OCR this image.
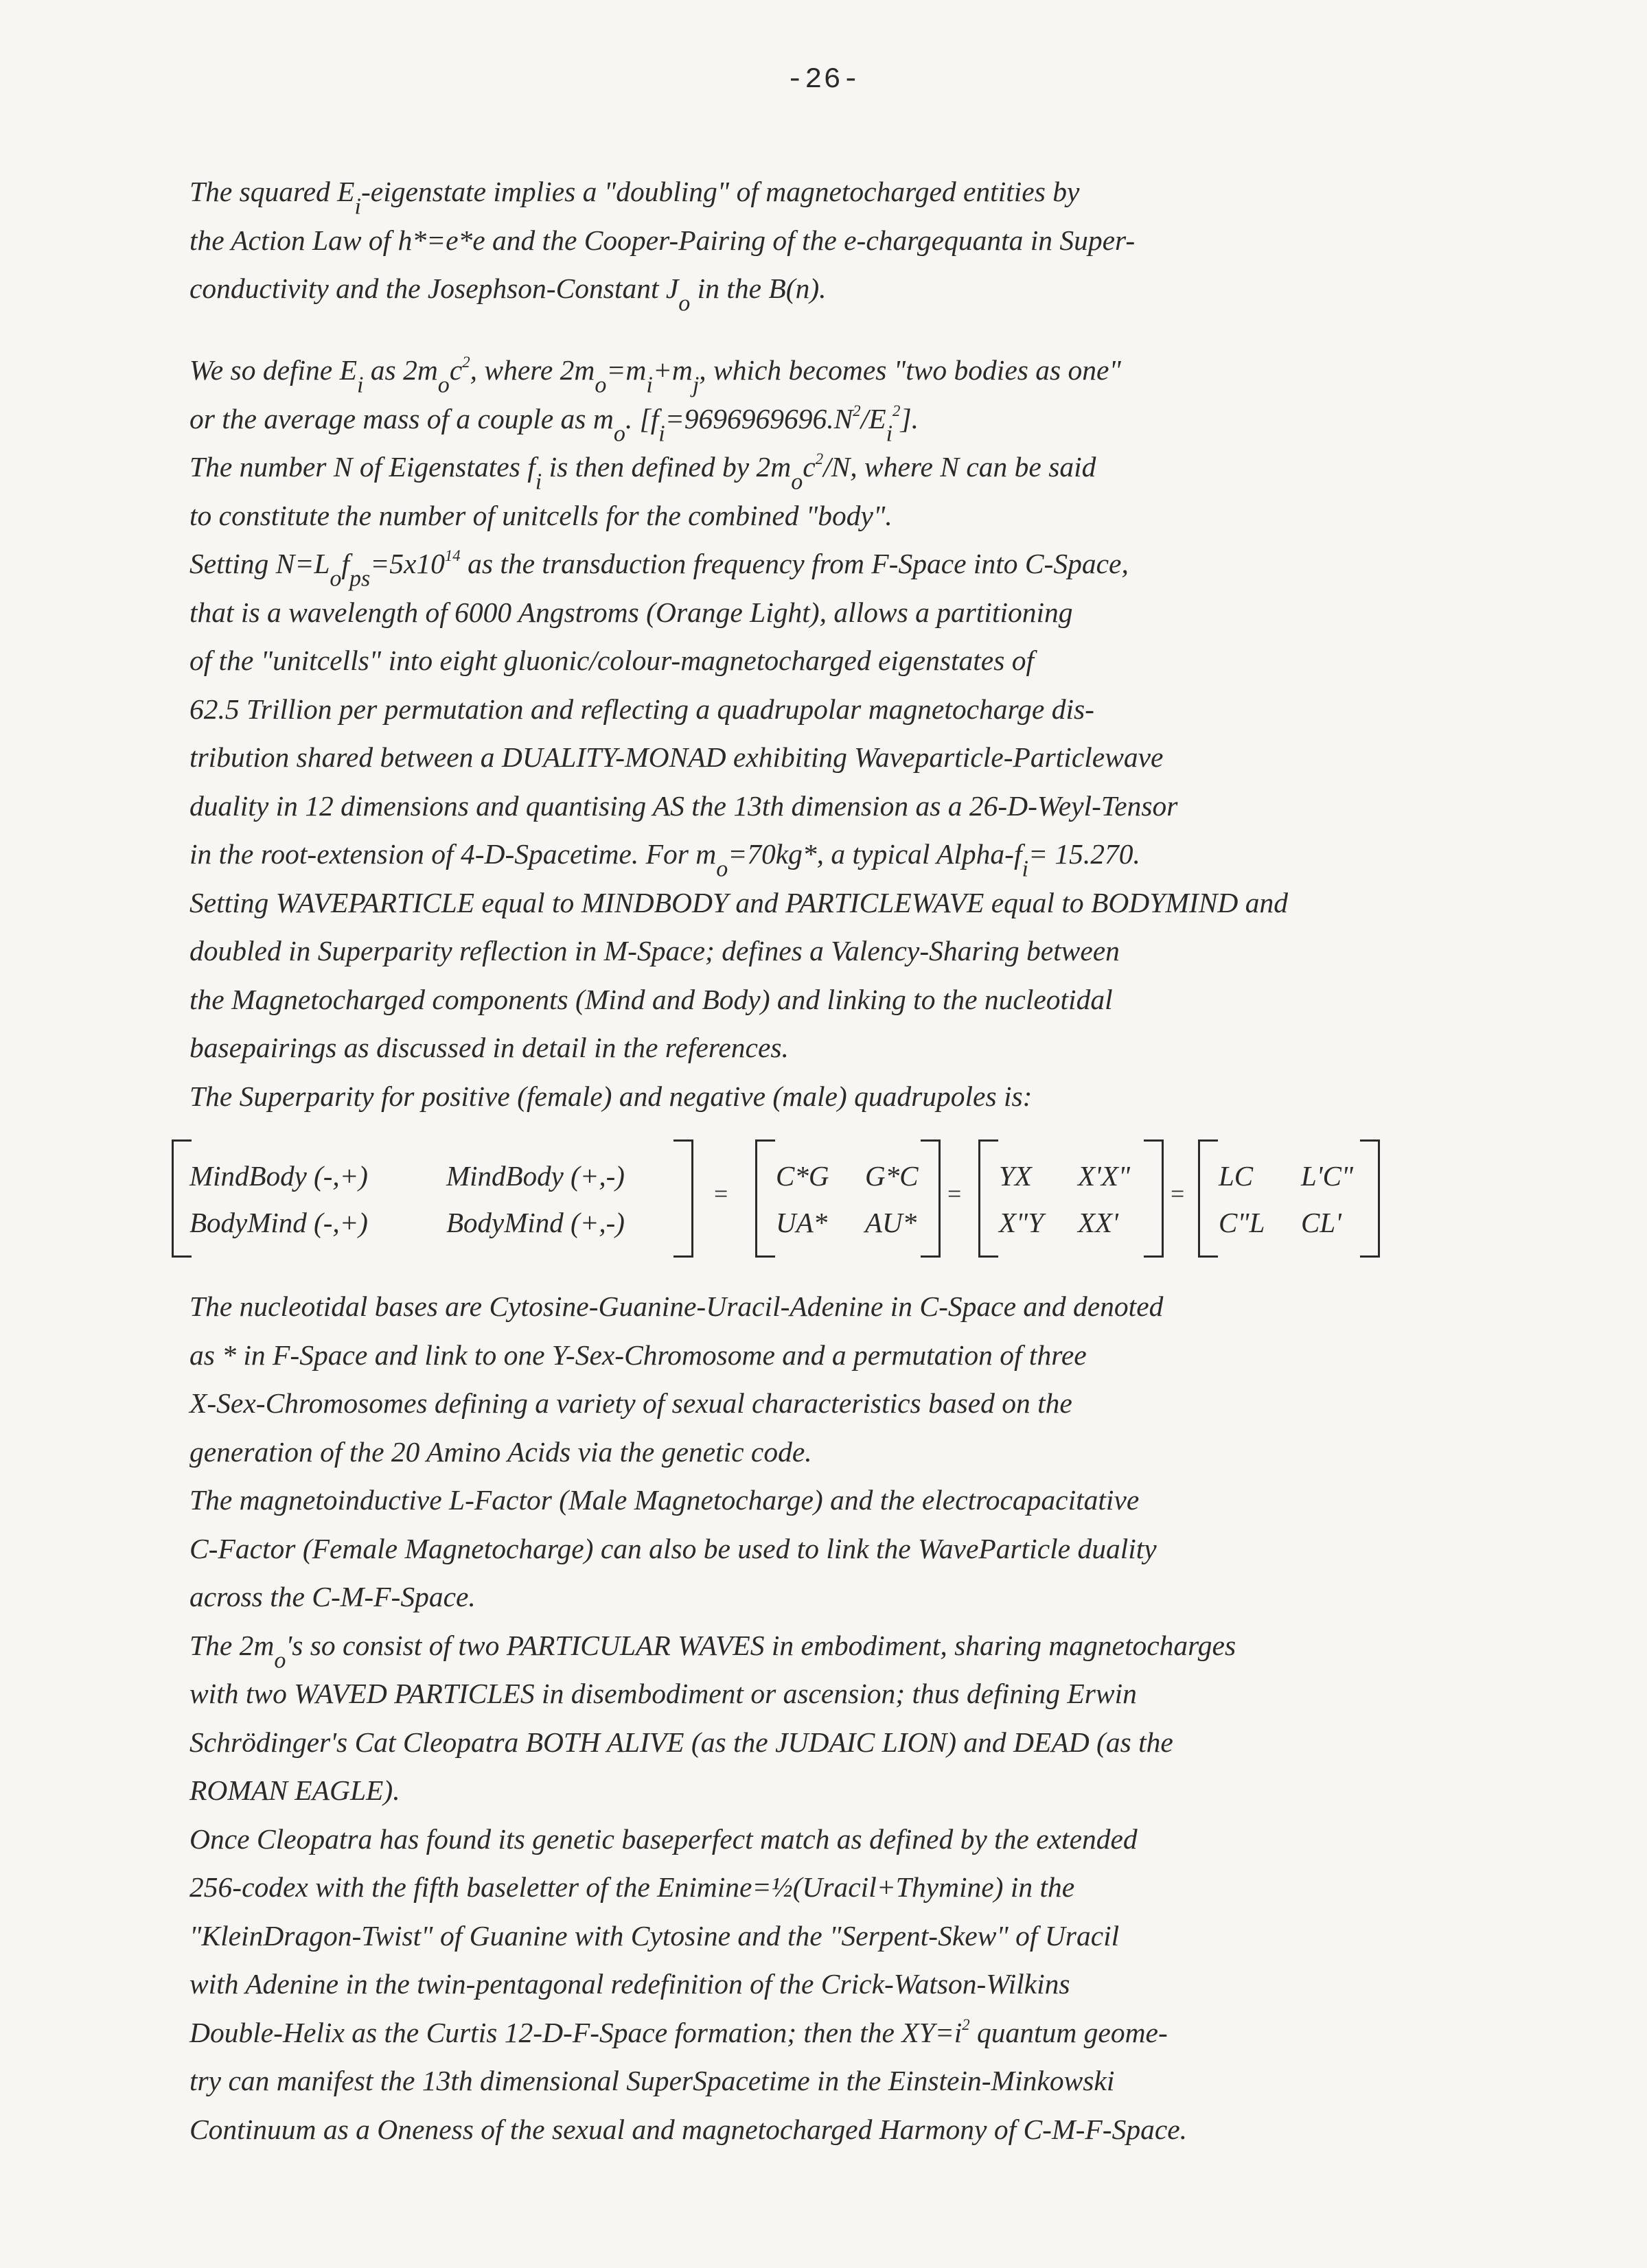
-26-
The squared $E_i$-eigenstate implies a "doubling" of magnetocharged entities by
the Action Law of h*=e*e and the Cooper-Pairing of the e-chargequanta in Super-
conductivity and the Josephson-Constant $J_o$ in the B(n).
We so define $E_i$ as $2m_oc^2$, where $2m_o=m_i+m_j$, which becomes "two bodies as one"
or the average mass of a couple as $m_o$. $[f_i=9696969696.N^2/E_i^2]$.
The number N of Eigenstates $f_i$ is then defined by $2m_oc^2/N$, where N can be said
to constitute the number of unitcells for the combined "body".
Setting $N=L_of_{ps}=5x10^{14}$ as the transduction frequency from F-Space into C-Space,
that is a wavelength of 6000 Angstroms (Orange Light), allows a partitioning
of the "unitcells" into eight gluonic/colour-magnetocharged eigenstates of
62.5 Trillion per permutation and reflecting a quadrupolar magnetocharge dis-
tribution shared between a DUALITY-MONAD exhibiting Waveparticle-Particlewave
duality in 12 dimensions and quantising AS the 13th dimension as a 26-D-Weyl-Tensor
in the root-extension of 4-D-Spacetime. For $m_o=70kg*$, a typical Alpha-$f_i= 15.270$.
Setting WAVEPARTICLE equal to MINDBODY and PARTICLEWAVE equal to BODYMIND and
doubled in Superparity reflection in M-Space; defines a Valency-Sharing between
the Magnetocharged components (Mind and Body) and linking to the nucleotidal
basepairings as discussed in detail in the references.
The Superparity for positive (female) and negative (male) quadrupoles is:
MindBody (-,+)	MindBody (+,-)
BodyMind (-,+)	BodyMind (+,-)
=
C*G G*C
UA* AU*
=
YX X'X"
X"Y XX'
=
LC L'C"
C"L CL'
The nucleotidal bases are Cytosine-Guanine-Uracil-Adenine in C-Space and denoted
as * in F-Space and link to one Y-Sex-Chromosome and a permutation of three
X-Sex-Chromosomes defining a variety of sexual characteristics based on the
generation of the 20 Amino Acids via the genetic code.
The magnetoinductive L-Factor (Male Magnetocharge) and the electrocapacitative
C-Factor (Female Magnetocharge) can also be used to link the WaveParticle duality
across the C-M-F-Space.
The $2m_o's$ so consist of two PARTICULAR WAVES in embodiment, sharing magnetocharges
with two WAVED PARTICLES in disembodiment or ascension; thus defining Erwin
Schrödinger's Cat Cleopatra BOTH ALIVE (as the JUDAIC LION) and DEAD (as the
ROMAN EAGLE).
Once Cleopatra has found its genetic baseperfect match as defined by the extended
256-codex with the fifth baseletter of the Enimine=½(Uracil+Thymine) in the
"KleinDragon-Twist" of Guanine with Cytosine and the "Serpent-Skew" of Uracil
with Adenine in the twin-pentagonal redefinition of the Crick-Watson-Wilkins
Double-Helix as the Curtis 12-D-F-Space formation; then the $XY=i^2$ quantum geome-
try can manifest the 13th dimensional SuperSpacetime in the Einstein-Minkowski
Continuum as a Oneness of the sexual and magnetocharged Harmony of C-M-F-Space.
